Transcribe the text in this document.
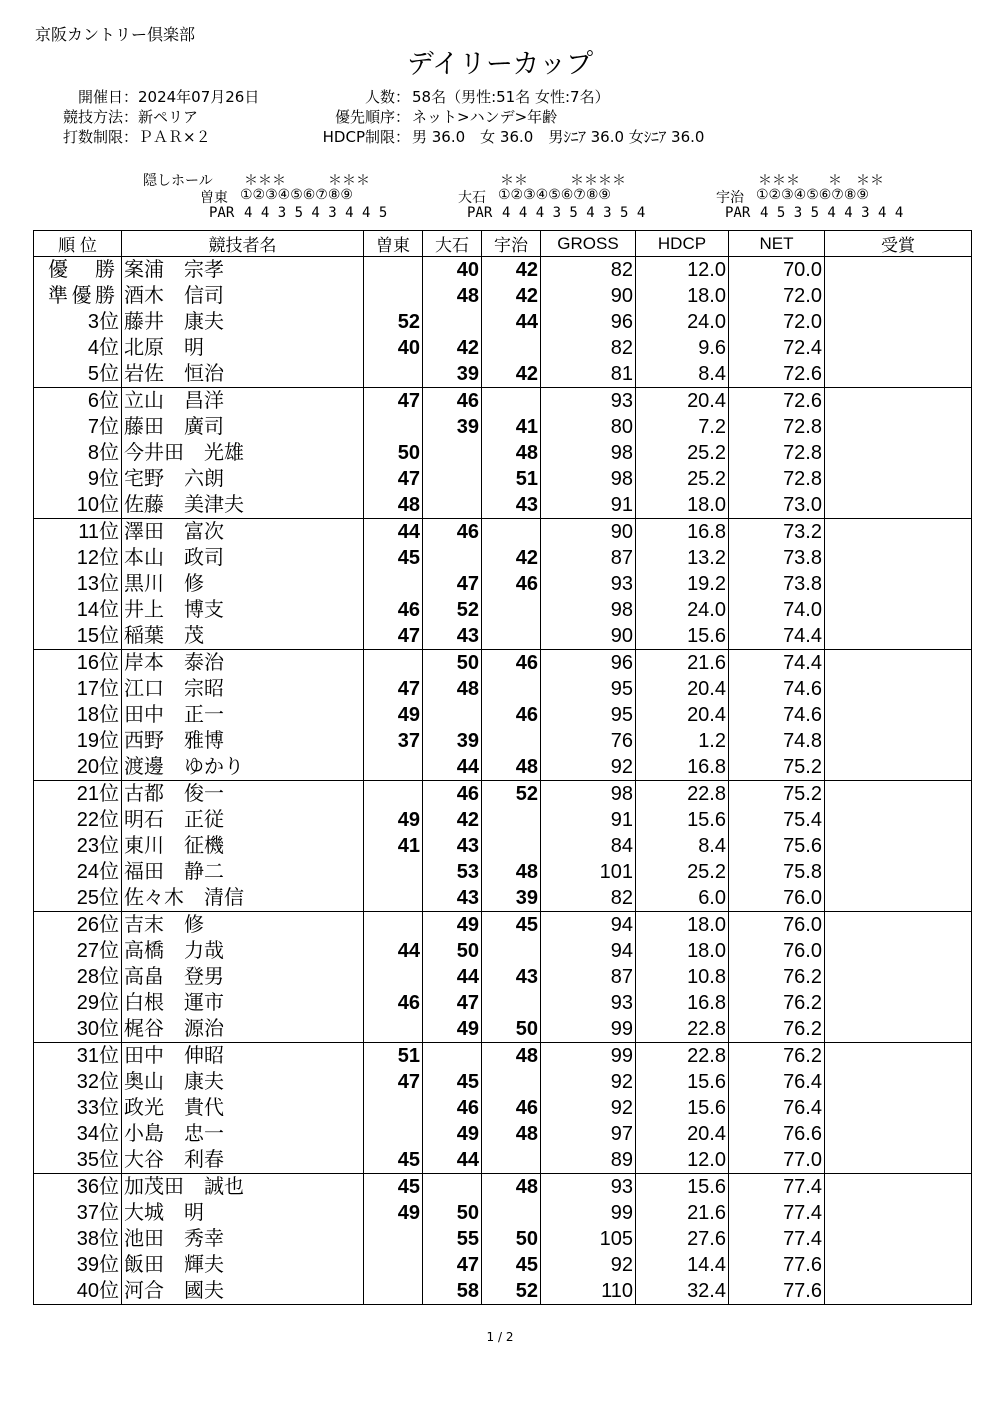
京阪カントリー倶楽部
デイリーカップ
開催日： 2024年07月26日
競技方法： 新ペリア
打数制限： ＰＡＲ×２
人数： 58名（男性:51名 女性:7名）
優先順序： ネット>ハンデ>年齢
HDCP制限： 男 36.0　女 36.0　男ｼﾆｱ 36.0 女ｼﾆｱ 36.0
隠しホール ＊＊＊　　　＊＊＊	＊＊　　　＊＊＊＊	＊＊＊　　＊　＊＊
曽東 ①②③④⑤⑥⑦⑧⑨	大石 ①②③④⑤⑥⑦⑧⑨	宇治 ①②③④⑤⑥⑦⑧⑨
PAR 4 4 3 5 4 3 4 4 5	PAR 4 4 4 3 5 4 3 5 4	PAR 4 5 3 5 4 4 3 4 4
順 位	競技者名	曽東	大石	宇治	GROSS	HDCP	NET	受賞
優勝	案浦　宗孝		40	42	82	12.0	70.0	
準優勝	酒木　信司		48	42	90	18.0	72.0	
3位	藤井　康夫	52		44	96	24.0	72.0	
4位	北原　明	40	42		82	9.6	72.4	
5位	岩佐　恒治		39	42	81	8.4	72.6	
6位	立山　昌洋	47	46		93	20.4	72.6	
7位	藤田　廣司		39	41	80	7.2	72.8	
8位	今井田　光雄	50		48	98	25.2	72.8	
9位	宅野　六朗	47		51	98	25.2	72.8	
10位	佐藤　美津夫	48		43	91	18.0	73.0	
11位	澤田　富次	44	46		90	16.8	73.2	
12位	本山　政司	45		42	87	13.2	73.8	
13位	黒川　修		47	46	93	19.2	73.8	
14位	井上　博支	46	52		98	24.0	74.0	
15位	稲葉　茂	47	43		90	15.6	74.4	
16位	岸本　泰治		50	46	96	21.6	74.4	
17位	江口　宗昭	47	48		95	20.4	74.6	
18位	田中　正一	49		46	95	20.4	74.6	
19位	西野　雅博	37	39		76	1.2	74.8	
20位	渡邊　ゆかり		44	48	92	16.8	75.2	
21位	古都　俊一		46	52	98	22.8	75.2	
22位	明石　正従	49	42		91	15.6	75.4	
23位	東川　征機	41	43		84	8.4	75.6	
24位	福田　静二		53	48	101	25.2	75.8	
25位	佐々木　清信		43	39	82	6.0	76.0	
26位	吉末　修		49	45	94	18.0	76.0	
27位	高橋　力哉	44	50		94	18.0	76.0	
28位	高畠　登男		44	43	87	10.8	76.2	
29位	白根　運市	46	47		93	16.8	76.2	
30位	梶谷　源治		49	50	99	22.8	76.2	
31位	田中　伸昭	51		48	99	22.8	76.2	
32位	奥山　康夫	47	45		92	15.6	76.4	
33位	政光　貴代		46	46	92	15.6	76.4	
34位	小島　忠一		49	48	97	20.4	76.6	
35位	大谷　利春	45	44		89	12.0	77.0	
36位	加茂田　誠也	45		48	93	15.6	77.4	
37位	大城　明	49	50		99	21.6	77.4	
38位	池田　秀幸		55	50	105	27.6	77.4	
39位	飯田　輝夫		47	45	92	14.4	77.6	
40位	河合　國夫		58	52	110	32.4	77.6	
1 / 2
